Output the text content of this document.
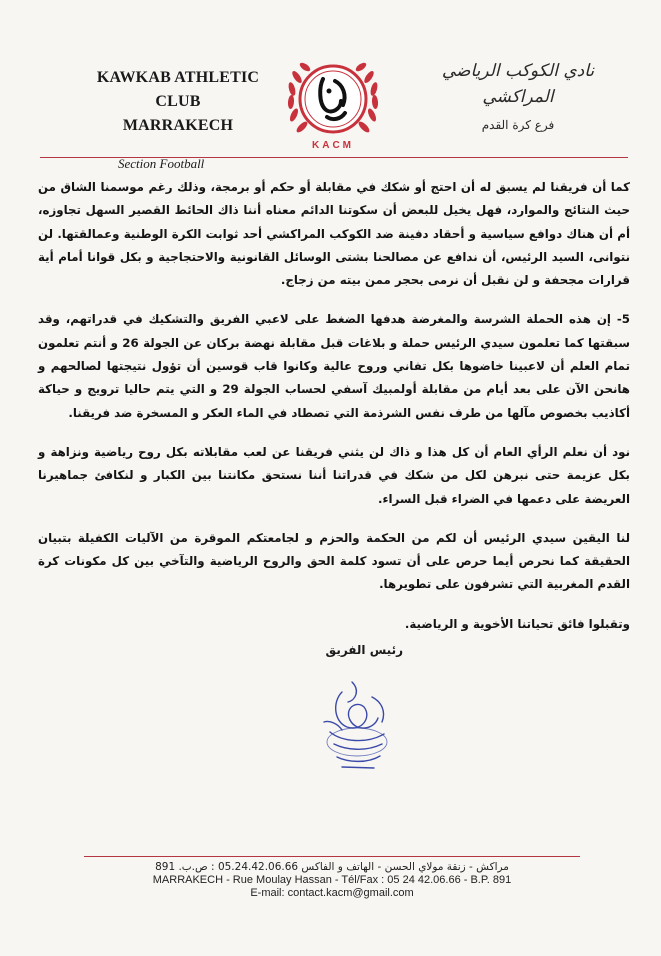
KAWKAB ATHLETIC CLUB
MARRAKECH
Section Football
KACM
نادي الكوكب الرياضي
المراكشي
فرع كرة القدم

كما أن فريقنا لم يسبق له أن احتج أو شكك في مقابلة أو حكم أو برمجة، وذلك رغم موسمنا الشاق من حيث النتائج والموارد، فهل يخيل للبعض أن سكوتنا الدائم معناه أننا ذاك الحائط القصير السهل تجاوزه، أم أن هناك دوافع سياسية و أحقاد دفينة ضد الكوكب المراكشي أحد ثوابت الكرة الوطنية وعمالقتها. لن نتوانى، السيد الرئيس، أن ندافع عن مصالحنا بشتى الوسائل القانونية والاحتجاجية و بكل قوانا أمام أية قرارات مجحفة و لن نقبل أن نرمى بحجر ممن بيته من زجاج.

5- إن هذه الحملة الشرسة والمغرضة هدفها الضغط على لاعبي الفريق والتشكيك في قدراتهم، وقد سبقتها كما تعلمون سيدي الرئيس حملة و بلاغات قبل مقابلة نهضة بركان عن الجولة 26 و أنتم تعلمون تمام العلم أن لاعبينا خاضوها بكل تفاني وروح عالية وكانوا قاب قوسين أن تؤول نتيجتها لصالحهم و هانحن الآن على بعد أيام من مقابلة أولمبيك آسفي لحساب الجولة 29 و التي يتم حاليا ترويج و حياكة أكاذيب بخصوص مآلها من طرف نفس الشرذمة التي تصطاد في الماء العكر و المسخرة ضد فريقنا.

نود أن نعلم الرأي العام أن كل هذا و ذاك لن يثني فريقنا عن لعب مقابلاته بكل روح رياضية ونزاهة و بكل عزيمة حتى نبرهن لكل من شكك في قدراتنا أننا نستحق مكانتنا بين الكبار و لنكافئ جماهيرنا العريضة على دعمها في الضراء قبل السراء.

لنا اليقين سيدي الرئيس أن لكم من الحكمة والحزم و لجامعتكم الموقرة من الآليات الكفيلة بتبيان الحقيقة كما نحرص أيما حرص على أن تسود كلمة الحق والروح الرياضية والتآخي بين كل مكونات كرة القدم المغربية التي تشرفون على تطويرها.

وتقبلوا فائق تحياتنا الأخوية و الرياضية.

رئيس الفريق
مراكش - زنقة مولاي الحسن - الهاتف و الفاكس 05.24.42.06.66 : ص.ب. 891
MARRAKECH - Rue Moulay Hassan - Tél/Fax : 05 24 42.06.66 - B.P. 891
E-mail: contact.kacm@gmail.com
